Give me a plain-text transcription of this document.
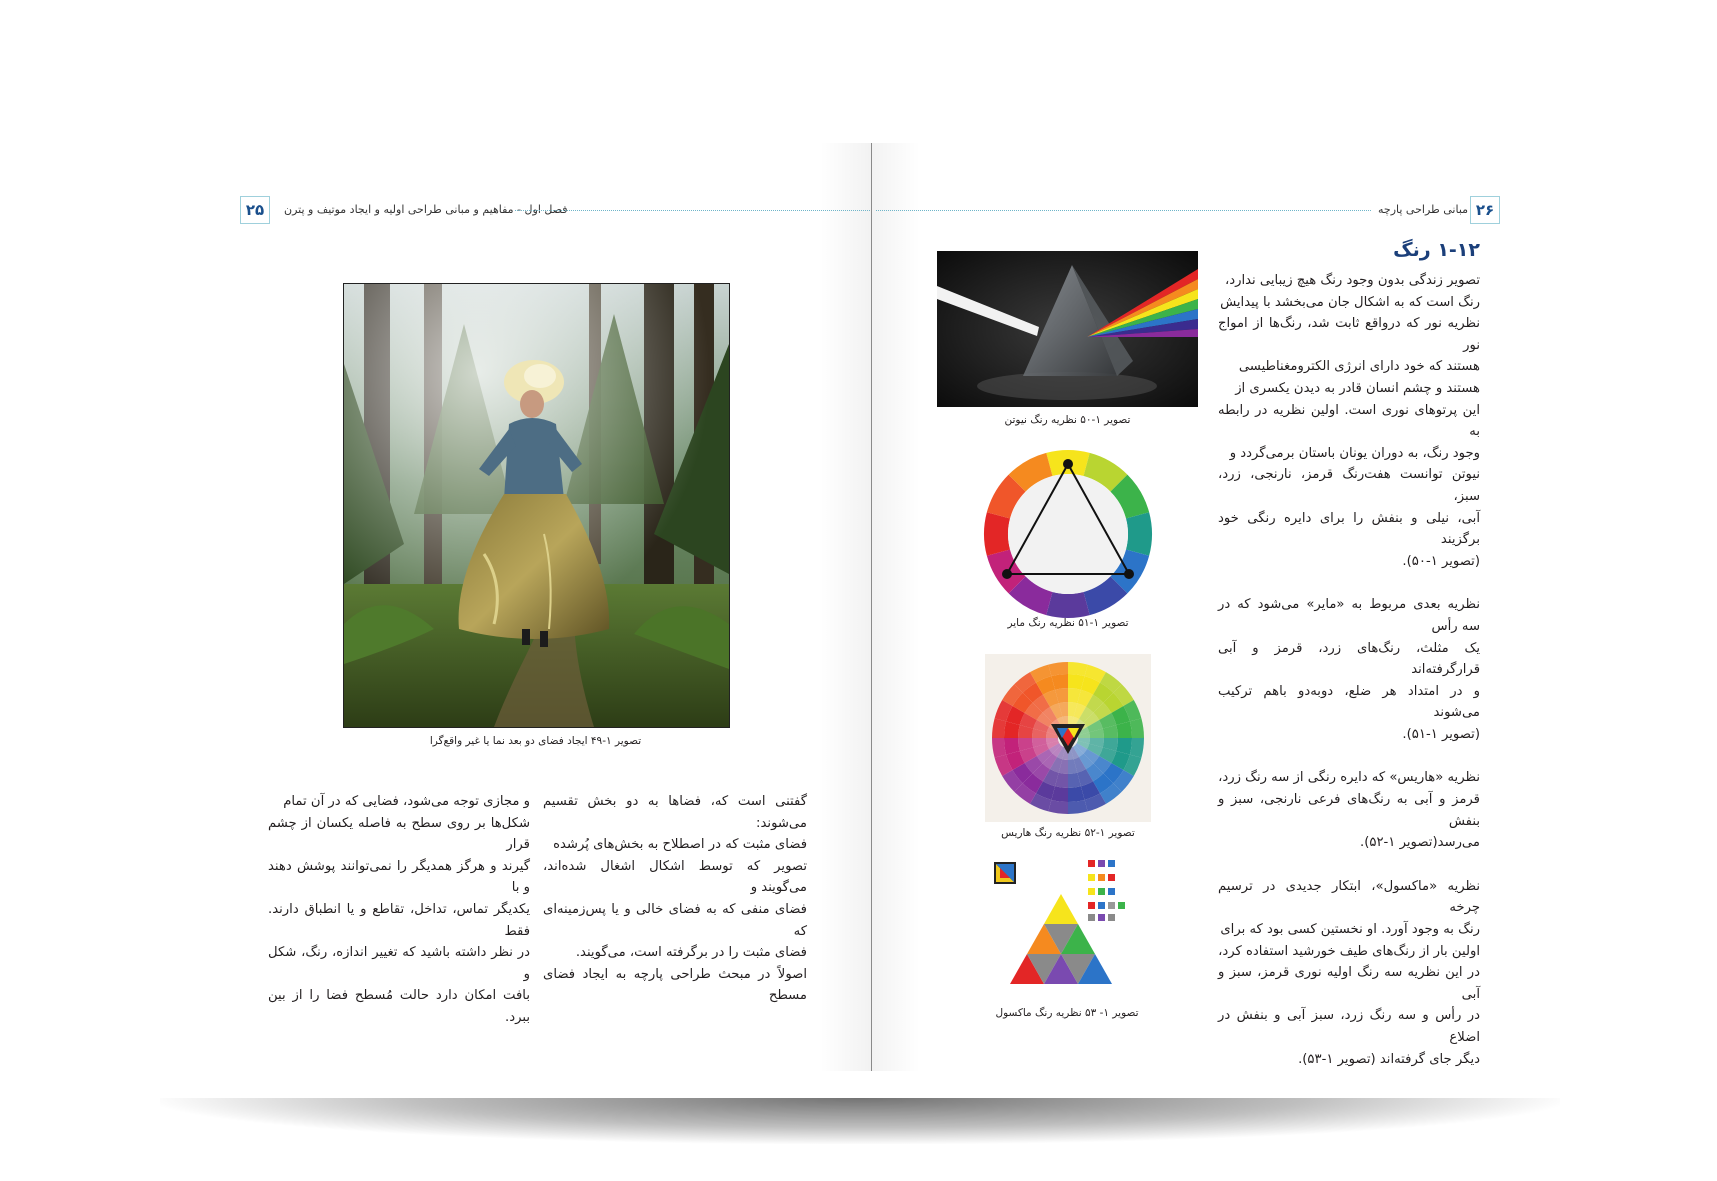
۲۵	فصل اول - مفاهیم و مبانی طراحی اولیه و ایجاد موتیف و پترن	مبانی طراحی پارچه ۲۶
تصویر ۱-۴۹ ایجاد فضای دو بعد نما یا غیر واقع‌گرا
گفتنی است که، فضاها به دو بخش تقسیم می‌شوند:
فضای مثبت که در اصطلاح به بخش‌های پُرشده
تصویر که توسط اشکال اشغال شده‌اند، می‌گویند و
فضای منفی که به فضای خالی و یا پس‌زمینه‌ای که
فضای مثبت را در برگرفته است، می‌گویند.
اصولاً در مبحث طراحی پارچه به ایجاد فضای مسطح
و مجازی توجه می‌شود، فضایی که در آن تمام
شکل‌ها بر روی سطح به فاصله یکسان از چشم قرار
گیرند و هرگز همدیگر را نمی‌توانند پوشش دهند و با
یکدیگر تماس، تداخل، تقاطع و یا انطباق دارند. فقط
در نظر داشته باشید که تغییر اندازه، رنگ، شکل و
بافت امکان دارد حالت مُسطح فضا را از بین ببرد.
۱-۱۲ رنگ
تصویر زندگی بدون وجود رنگ هیچ زیبایی ندارد،
رنگ است که به اشکال جان می‌بخشد با پیدایش
نظریه نور که درواقع ثابت شد، رنگ‌ها از امواج نور
هستند که خود دارای انرژی الکترومغناطیسی
هستند و چشم انسان قادر به دیدن یکسری از
این پرتوهای نوری است. اولین نظریه در رابطه به
وجود رنگ، به دوران یونان باستان برمی‌گردد و
نیوتن توانست هفت‌رنگ قرمز، نارنجی، زرد، سبز،
آبی، نیلی و بنفش را برای دایره رنگی خود برگزیند
(تصویر ۱-۵۰).
نظریه بعدی مربوط به «مایر» می‌شود که در سه رأس
یک مثلث، رنگ‌های زرد، قرمز و آبی قرارگرفته‌اند
و در امتداد هر ضلع، دوبه‌دو باهم ترکیب می‌شوند
(تصویر ۱-۵۱).
نظریه «هاریس» که دایره رنگی از سه رنگ زرد،
قرمز و آبی به رنگ‌های فرعی نارنجی، سبز و بنفش
می‌رسد(تصویر ۱-۵۲).
نظریه «ماکسول»، ابتکار جدیدی در ترسیم چرخه
رنگ به وجود آورد. او نخستین کسی بود که برای
اولین بار از رنگ‌های طیف خورشید استفاده کرد،
در این نظریه سه رنگ اولیه نوری قرمز، سبز و آبی
در رأس و سه رنگ زرد، سبز آبی و بنفش در اضلاع
دیگر جای گرفته‌اند (تصویر ۱-۵۳).
تصویر ۱-۵۰ نظریه رنگ نیوتن
تصویر ۱-۵۱ نظریه رنگ مایر
تصویر ۱-۵۲ نظریه رنگ هاریس
تصویر ۱- ۵۳ نظریه رنگ ماکسول
